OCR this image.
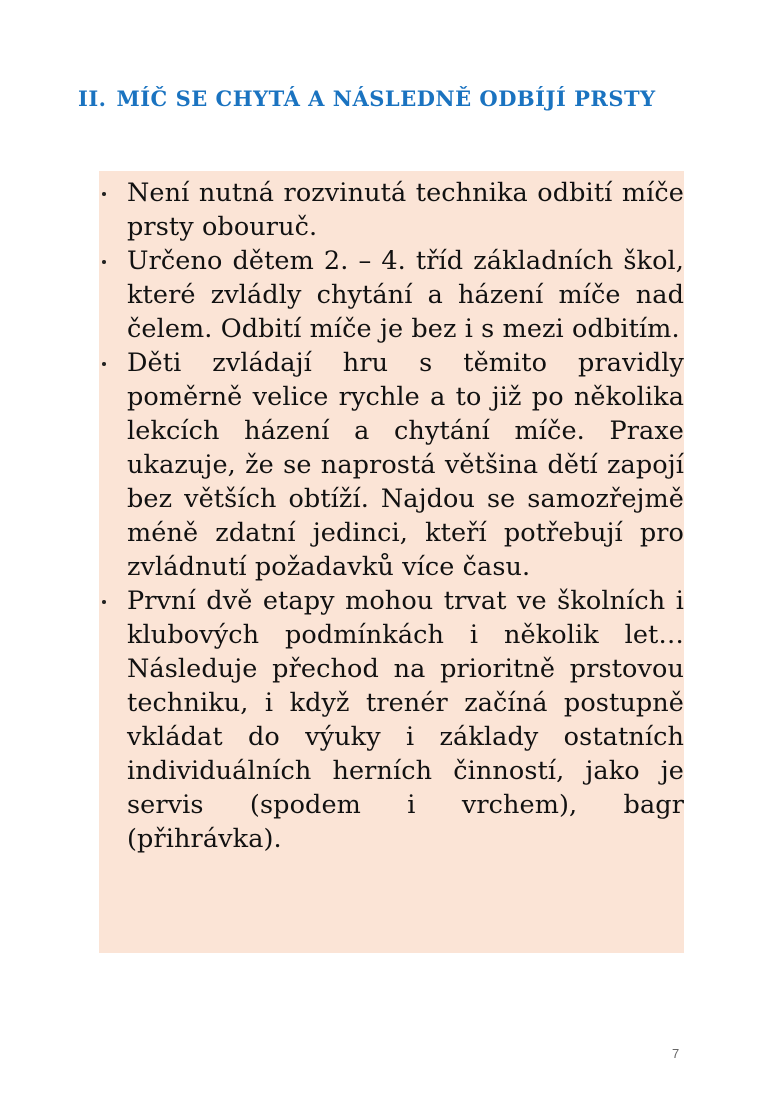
II. MÍČ SE CHYTÁ A NÁSLEDNĚ ODBÍJÍ PRSTY
Není nutná rozvinutá technika odbití míče prsty obouruč.
Určeno dětem 2. – 4. tříd základních škol, které zvládly chytání a házení míče nad čelem. Odbití míče je bez i s mezi odbitím.
Děti zvládají hru s těmito pravidly poměrně velice rychle a to již po několika lekcích házení a chytání míče. Praxe ukazuje, že se naprostá většina dětí zapojí bez větších obtíží. Najdou se samozřejmě méně zdatní jedinci, kteří potřebují pro zvládnutí požadavků více času.
První dvě etapy mohou trvat ve školních i klubových podmínkách i několik let… Následuje přechod na prioritně prstovou techniku, i když trenér začíná postupně vkládat do výuky i základy ostatních individuálních herních činností, jako je servis (spodem i vrchem), bagr (přihrávka).
7
